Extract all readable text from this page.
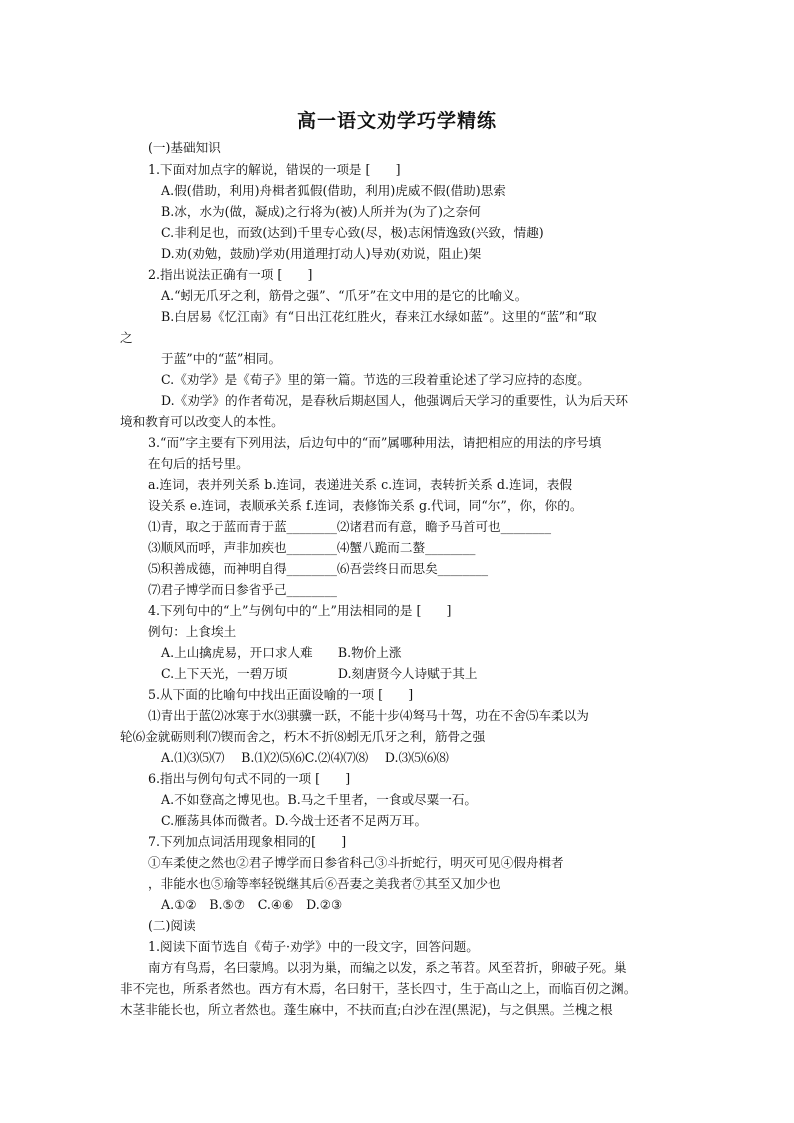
高一语文劝学巧学精练
(一)基础知识
1.下面对加点字的解说，错误的一项是 [　　]
A.假(借助，利用)舟楫者狐假(借助，利用)虎威不假(借助)思索
B.冰，水为(做，凝成)之行将为(被)人所并为(为了)之奈何
C.非利足也，而致(达到)千里专心致(尽，极)志闲情逸致(兴致，情趣)
D.劝(劝勉，鼓励)学劝(用道理打动人)导劝(劝说，阻止)架
2.指出说法正确有一项 [　　]
A.“蚓无爪牙之利，筋骨之强”、“爪牙”在文中用的是它的比喻义。
B.白居易《忆江南》有“日出江花红胜火，春来江水绿如蓝”。这里的“蓝”和“取
之
于蓝”中的“蓝”相同。
C.《劝学》是《荀子》里的第一篇。节选的三段着重论述了学习应持的态度。
D.《劝学》的作者荀况，是春秋后期赵国人，他强调后天学习的重要性，认为后天环
境和教育可以改变人的本性。
3.“而”字主要有下列用法，后边句中的“而”属哪种用法，请把相应的用法的序号填
在句后的括号里。
a.连词，表并列关系 b.连词，表递进关系 c.连词，表转折关系 d.连词，表假
设关系 e.连词，表顺承关系 f.连词，表修饰关系 g.代词，同“尔”，你，你的。
⑴青，取之于蓝而青于蓝________⑵诸君而有意，瞻予马首可也________
⑶顺风而呼，声非加疾也________⑷蟹八跪而二螯________
⑸积善成德，而神明自得________⑹吾尝终日而思矣________
⑺君子博学而日参省乎己________
4.下列句中的“上”与例句中的“上”用法相同的是 [　　]
例句：上食埃土
A.上山擒虎易，开口求人难　　B.物价上涨
C.上下天光，一碧万顷　　　　D.刻唐贤今人诗赋于其上
5.从下面的比喻句中找出正面设喻的一项 [　　]
⑴青出于蓝⑵冰寒于水⑶骐骥一跃，不能十步⑷驽马十驾，功在不舍⑸车柔以为
轮⑹金就砺则利⑺锲而舍之，朽木不折⑻蚓无爪牙之利，筋骨之强
A.⑴⑶⑸⑺　 B.⑴⑵⑸⑹C.⑵⑷⑺⑻　 D.⑶⑸⑹⑻
6.指出与例句句式不同的一项 [　　]
A.不如登高之博见也。B.马之千里者，一食或尽粟一石。
C.雁荡具体而微者。D.今战士还者不足两万耳。
7.下列加点词活用现象相同的[　　]
①车柔使之然也②君子博学而日参省科己③斗折蛇行，明灭可见④假舟楫者
，非能水也⑤瑜等率轻锐继其后⑥吾妻之美我者⑦其至又加少也
A.①②　B.⑤⑦　C.④⑥　D.②③
(二)阅读
1.阅读下面节选自《荀子·劝学》中的一段文字，回答问题。
南方有鸟焉，名曰蒙鸠。以羽为巢，而编之以发，系之苇苕。风至苕折，卵破子死。巢
非不完也，所系者然也。西方有木焉，名曰射干，茎长四寸，生于高山之上，而临百仞之渊。
木茎非能长也，所立者然也。蓬生麻中，不扶而直;白沙在涅(黑泥)，与之俱黑。兰槐之根
